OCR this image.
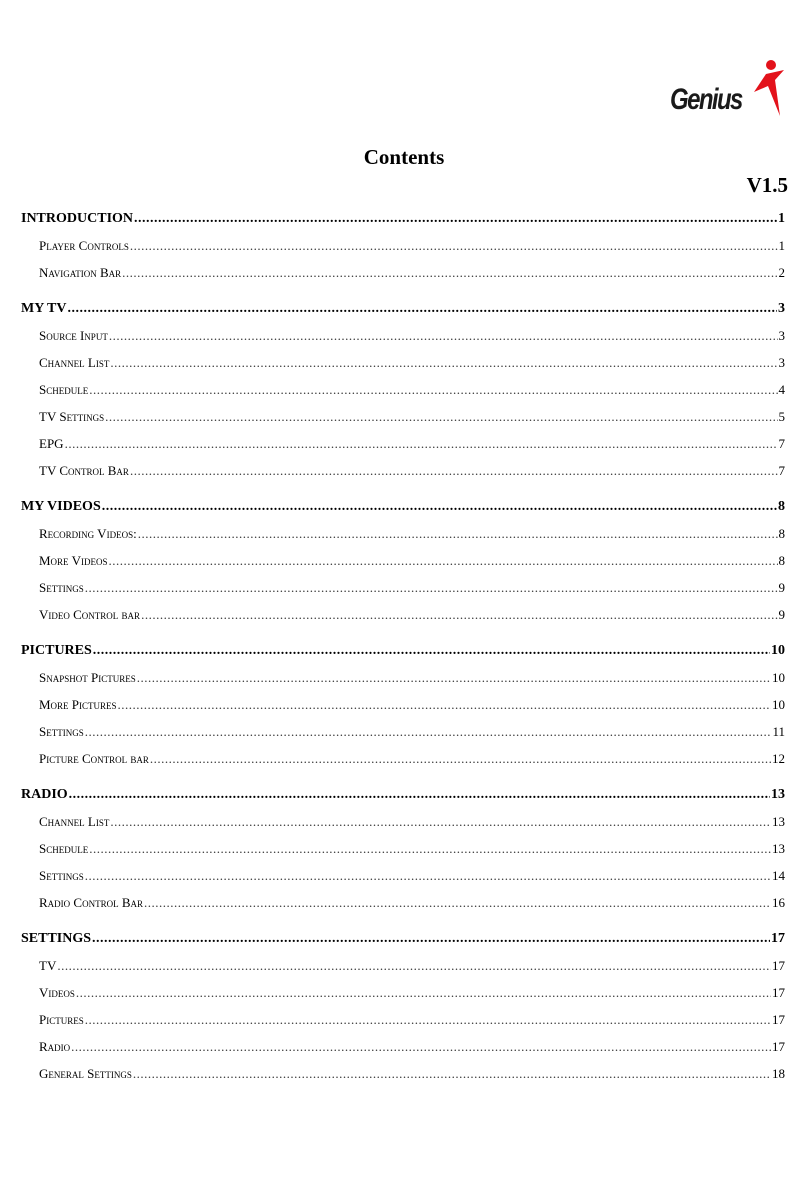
Genius
Contents
V1.5
INTRODUCTION .....	1
Player Controls .....	1
Navigation Bar .....	2
MY TV .....	3
Source Input .....	3
Channel List .....	3
Schedule .....	4
TV Settings .....	5
EPG .....	7
TV Control Bar .....	7
MY VIDEOS .....	8
Recording Videos: .....	8
More Videos .....	8
Settings .....	9
Video Control bar .....	9
PICTURES .....	10
Snapshot Pictures .....	10
More Pictures .....	10
Settings .....	11
Picture Control bar .....	12
RADIO .....	13
Channel List .....	13
Schedule .....	13
Settings .....	14
Radio Control Bar .....	16
SETTINGS .....	17
TV .....	17
Videos .....	17
Pictures .....	17
Radio .....	17
General Settings .....	18
